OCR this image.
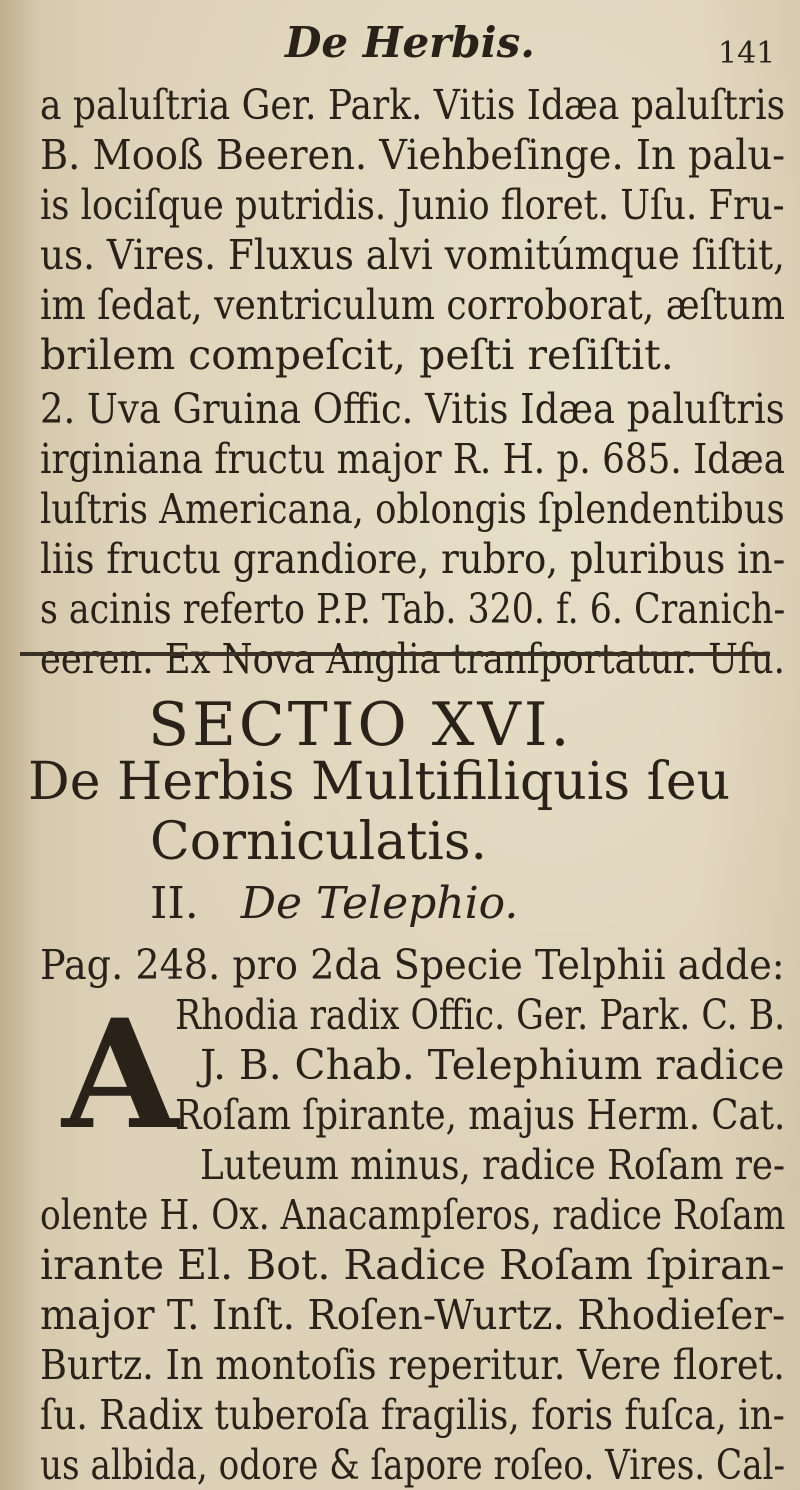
De Herbis.	141
a paluſtria Ger. Park. Vitis Idæa paluſtris
B. Mooß Beeren. Viehbeſinge. In palu-
is lociſque putridis. Junio floret. Uſu. Fru-
us. Vires. Fluxus alvi vomitúmque ſiſtit,
im ſedat, ventriculum corroborat, æſtum
brilem compeſcit, peſti reſiſtit.
2. Uva Gruina Offic. Vitis Idæa paluſtris
irginiana fructu major R. H. p. 685. Idæa
luſtris Americana, oblongis ſplendentibus
liis fructu grandiore, rubro, pluribus in-
s acinis referto P.P. Tab. 320. f. 6. Cranich-
eeren. Ex Nova Anglia tranſportatur. Uſu.
SECTIO XVI.
De Herbis Multifiliquis ſeu
Corniculatis.
II. De Telephio.
Pag. 248. pro 2da Specie Telphii adde:
A
Rhodia radix Offic. Ger. Park. C. B.
J. B. Chab. Telephium radice
Roſam ſpirante, majus Herm. Cat.
Luteum minus, radice Roſam re-
olente H. Ox. Anacampſeros, radice Roſam
irante El. Bot. Radice Roſam ſpiran-
major T. Inſt. Roſen-Wurtz. Rhodieſer-
Burtz. In montoſis reperitur. Vere floret.
ſu. Radix tuberoſa fragilis, foris fuſca, in-
us albida, odore & ſapore roſeo. Vires. Cal-
